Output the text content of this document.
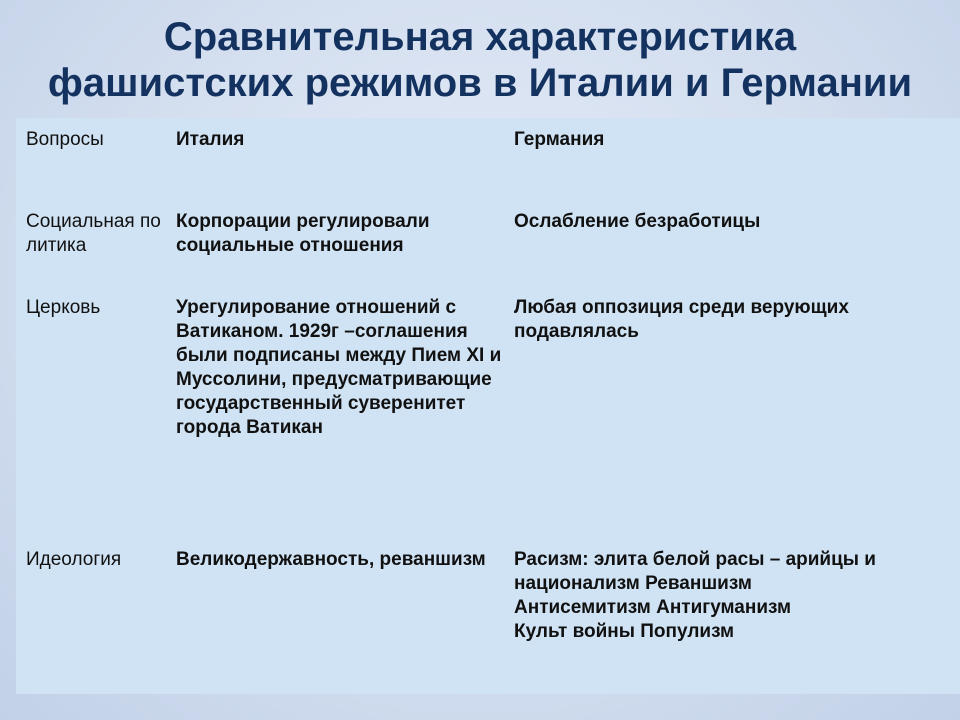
Сравнительная характеристика
фашистских режимов в Италии и Германии
Вопросы	Италия	Германия
Социальная политика	Корпорации регулировали социальные отношения	Ослабление безработицы
Церковь	Урегулирование отношений с Ватиканом. 1929г –соглашения были подписаны между Пием XI и Муссолини, предусматривающие государственный суверенитет города Ватикан	Любая оппозиция среди верующих подавлялась
Идеология	Великодержавность, реваншизм	Расизм: элита белой расы – арийцы и национализм Реваншизм
Антисемитизм Антигуманизм
Культ войны Популизм
